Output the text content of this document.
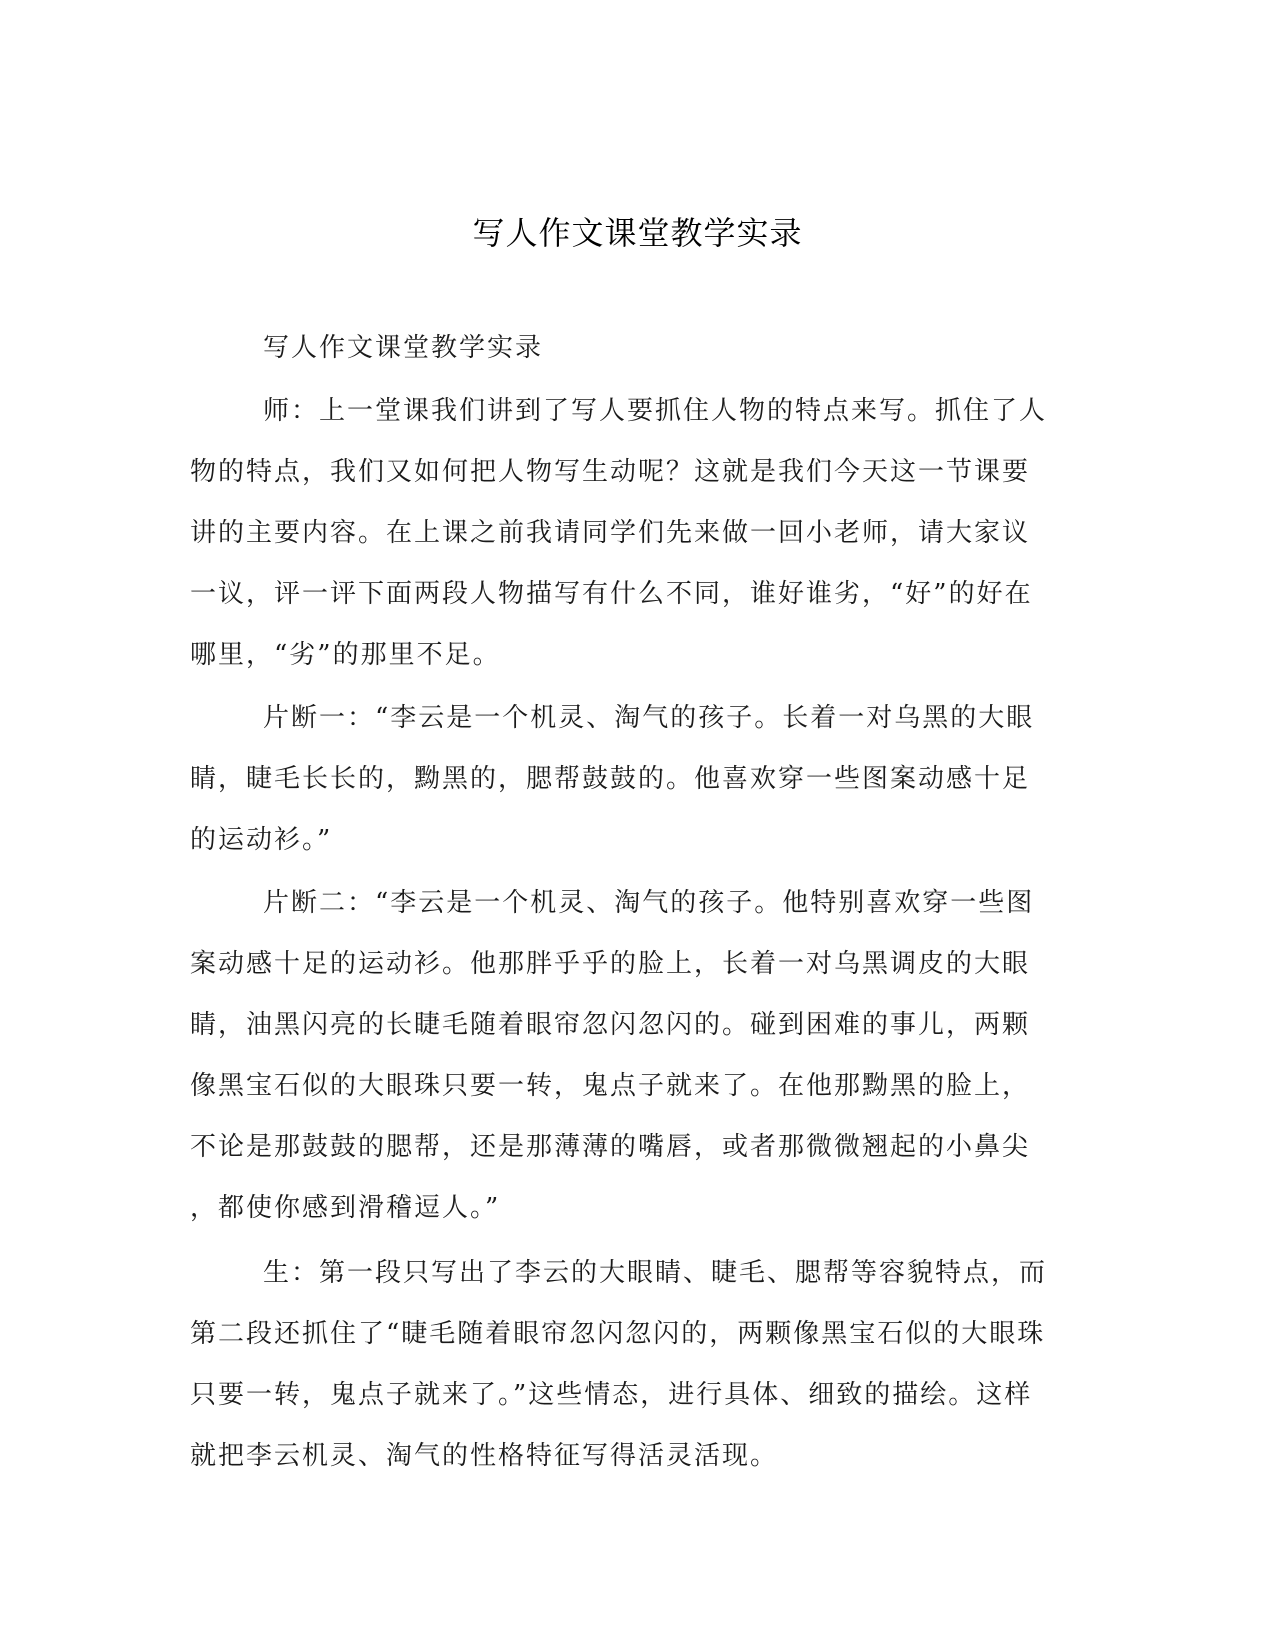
写人作文课堂教学实录

写人作文课堂教学实录

师：上一堂课我们讲到了写人要抓住人物的特点来写。抓住了人
物的特点，我们又如何把人物写生动呢？这就是我们今天这一节课要
讲的主要内容。在上课之前我请同学们先来做一回小老师，请大家议
一议，评一评下面两段人物描写有什么不同，谁好谁劣，“好”的好在
哪里，“劣”的那里不足。

片断一：“李云是一个机灵、淘气的孩子。长着一对乌黑的大眼
睛，睫毛长长的，黝黑的，腮帮鼓鼓的。他喜欢穿一些图案动感十足
的运动衫。”

片断二：“李云是一个机灵、淘气的孩子。他特别喜欢穿一些图
案动感十足的运动衫。他那胖乎乎的脸上，长着一对乌黑调皮的大眼
睛，油黑闪亮的长睫毛随着眼帘忽闪忽闪的。碰到困难的事儿，两颗
像黑宝石似的大眼珠只要一转，鬼点子就来了。在他那黝黑的脸上，
不论是那鼓鼓的腮帮，还是那薄薄的嘴唇，或者那微微翘起的小鼻尖
，都使你感到滑稽逗人。”

生：第一段只写出了李云的大眼睛、睫毛、腮帮等容貌特点，而
第二段还抓住了“睫毛随着眼帘忽闪忽闪的，两颗像黑宝石似的大眼珠
只要一转，鬼点子就来了。”这些情态，进行具体、细致的描绘。这样
就把李云机灵、淘气的性格特征写得活灵活现。
